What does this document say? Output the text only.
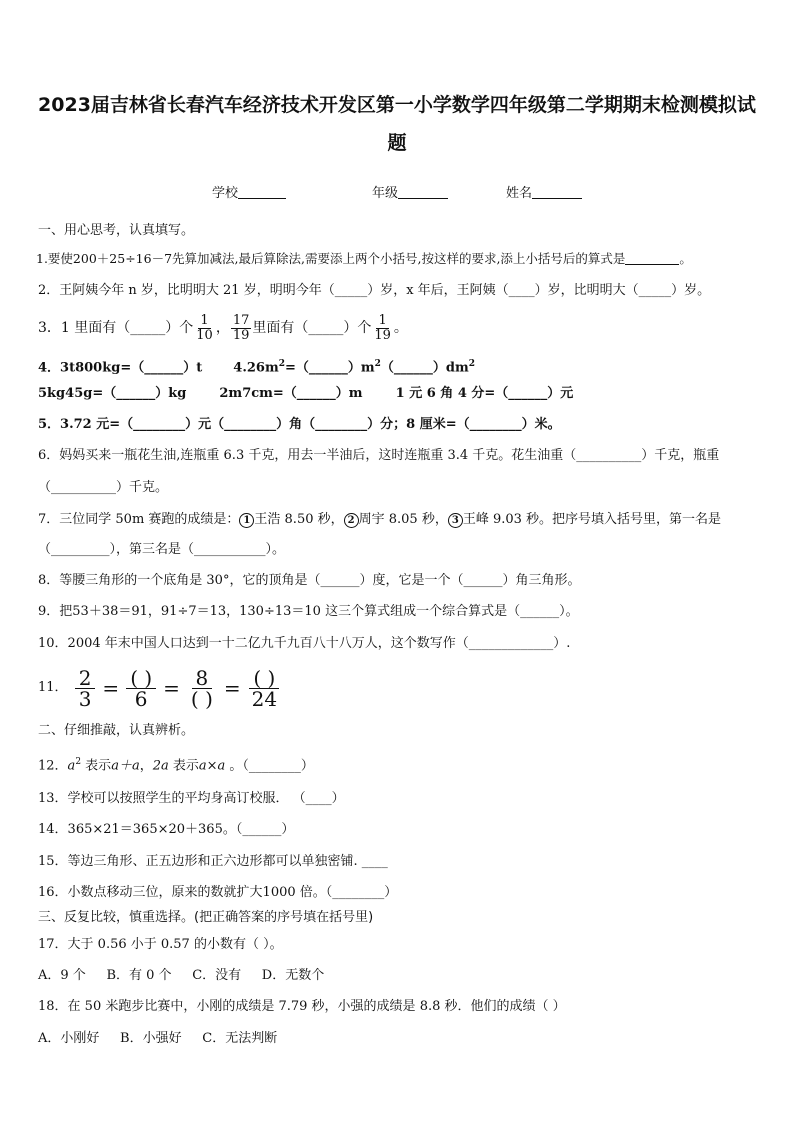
2023届吉林省长春汽车经济技术开发区第一小学数学四年级第二学期期末检测模拟试
题
学校	年级	姓名
一、用心思考，认真填写。
1.要使200＋25÷16－7先算加减法,最后算除法,需要添上两个小括号,按这样的要求,添上小括号后的算式是	。
2．王阿姨今年 n 岁，比明明大 21 岁，明明今年（_____）岁，x 年后，王阿姨（____）岁，比明明大（_____）岁。
3．1 里面有（_____）个 $\frac{1}{10}$ ， $\frac{17}{19}$ 里面有（_____）个 $\frac{1}{19}$ 。
4．3t800kg=（______）t $4.26m^2=(\_\_\_\_\_\_)m^2(\_\_\_\_\_\_)dm^2$
5kg45g=（______）kg	2m7cm=（______）m	1 元 6 角 4 分=（______）元
5．3.72 元=（________）元（________）角（________）分；8 厘米=（________）米。
6．妈妈买来一瓶花生油,连瓶重 6.3 千克，用去一半油后，这时连瓶重 3.4 千克。花生油重（__________）千克，瓶重
（__________）千克。
7．三位同学 50m 赛跑的成绩是： 1 王浩 8.50 秒， 2 周宇 8.05 秒， 3 王峰 9.03 秒。把序号填入括号里，第一名是
（_________），第三名是（___________）。
8．等腰三角形的一个底角是 30°，它的顶角是（______）度，它是一个（______）角三角形。
9．把53＋38＝91，91÷7＝13，130÷13＝10 这三个算式组成一个综合算式是（______）。
10．2004 年末中国人口达到一十二亿九千九百八十八万人，这个数写作（_____________）.
11． $\frac{2}{3} = \frac{( )}{6} = \frac{8}{( )} = \frac{( )}{24}$
二、仔细推敲，认真辨析。
12．$a^2$ 表示a＋a，2a 表示a×a 。（________）
13．学校可以按照学生的平均身高订校服． （____）
14．365×21＝365×20＋365。（______）
15．等边三角形、正五边形和正六边形都可以单独密铺. ____
16．小数点移动三位，原来的数就扩大1000 倍。（________）
三、反复比较，慎重选择。(把正确答案的序号填在括号里)
17．大于 0.56 小于 0.57 的小数有（ ）。
A．9 个     B．有 0 个     C．没有     D．无数个
18．在 50 米跑步比赛中，小刚的成绩是 7.79 秒，小强的成绩是 8.8 秒．他们的成绩（ ）
A．小刚好     B．小强好     C．无法判断
